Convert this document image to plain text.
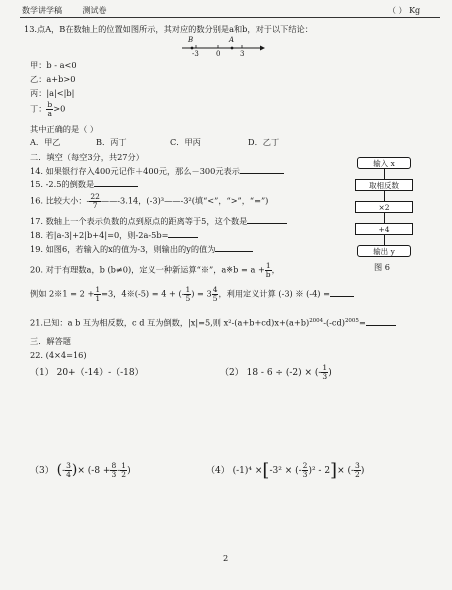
数学讲学稿	测试卷	（ ） Kg
13.点A，B在数轴上的位置如图所示，其对应的数分别是a和b，对于以下结论：
B	A
-3 0	3
甲：b - a<0
乙：a+b>0
丙：|a|<|b|
丁： $\frac{b}{a} >0$
其中正确的是（ ）
A．甲乙	B．丙丁	C．甲丙	D．乙丁
二．填空（每空3分，共27分）
14. 如果银行存入400元记作＋400元，那么－300元表示
15. -2.5的倒数是
16. 比较大小：- $\frac{22}{7}$ ——-3.14，(-3)³——-3²(填“<”，“>”，“=”)
17. 数轴上一个表示负数的点到原点的距离等于5，这个数是
18. 若|a-3|+2|b+4|=0，则-2a-5b=
19. 如图6，若输入的x的值为-3，则输出的y的值为
20. 对于有理数a，b (b≠0)，定义一种新运算“※”，a※b = $a + \frac{1}{b}$ ，
例如 2※1 = $2 + \frac{1}{1} =3$，4※(-5) = 4 + (- $\frac{1}{5}$ ) = $3 \frac{4}{5}$ ，利用定义计算 (-3) ※ (-4) =
21.已知：a b 互为相反数，c d 互为倒数，|x|=5,则 $x^2-(a+b+cd)x+(a+b)^{2004}-(-cd)^{2005}=$
三．解答题
22. (4×4=16)
（1） 20+（-14）-（-18）	（2） 18 - 6 ÷ (-2) × (- $\frac{1}{3}$ )
（3） (- $\frac{3}{4}$ )× ($-8 + \frac{8}{3} - \frac{1}{2}$ )	（4） (-1)⁴ ×[-3² × (- $\frac{2}{3} )^2 - 2]\times$ (- $\frac{3}{2}$ )
输入 x
取相反数
×2
+4
输出 y
图 6
2
